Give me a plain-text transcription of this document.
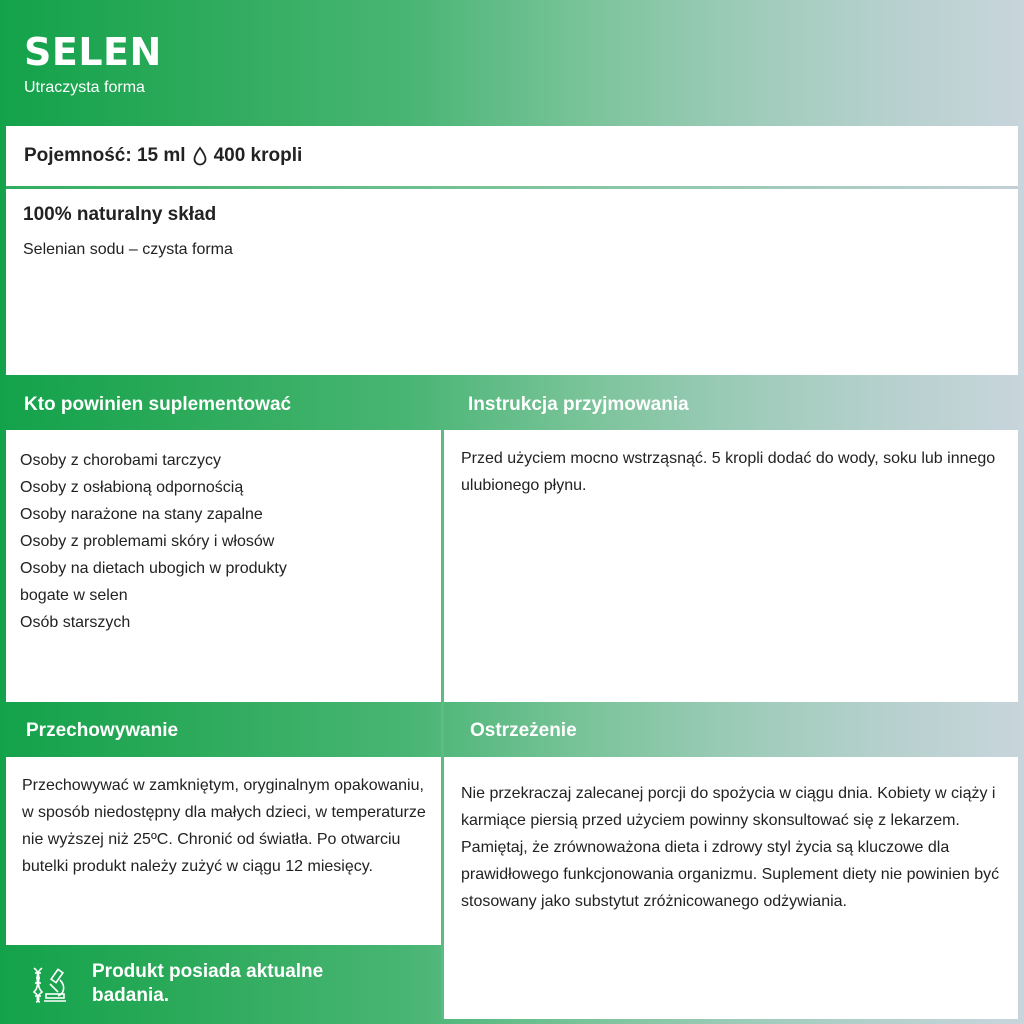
SELEN
Utraczysta forma
Pojemność: 15 ml 400 kropli
100% naturalny skład
Selenian sodu – czysta forma
Kto powinien suplementować	Instrukcja przyjmowania
Osoby z chorobami tarczycy
Osoby z osłabioną odpornością
Osoby narażone na stany zapalne
Osoby z problemami skóry i włosów
Osoby na dietach ubogich w produkty
bogate w selen
Osób starszych
Przed użyciem mocno wstrząsnąć. 5 kropli dodać do wody, soku lub innego ulubionego płynu.
Przechowywanie	Ostrzeżenie
Przechowywać w zamkniętym, oryginalnym opakowaniu, w sposób niedostępny dla małych dzieci, w temperaturze nie wyższej niż 25ºC. Chronić od światła. Po otwarciu butelki produkt należy zużyć w ciągu 12 miesięcy.
Nie przekraczaj zalecanej porcji do spożycia w ciągu dnia. Kobiety w ciąży i karmiące piersią przed użyciem powinny skonsultować się z lekarzem. Pamiętaj, że zrównoważona dieta i zdrowy styl życia są kluczowe dla prawidłowego funkcjonowania organizmu. Suplement diety nie powinien być stosowany jako substytut zróżnicowanego odżywiania.
Produkt posiada aktualne badania.
